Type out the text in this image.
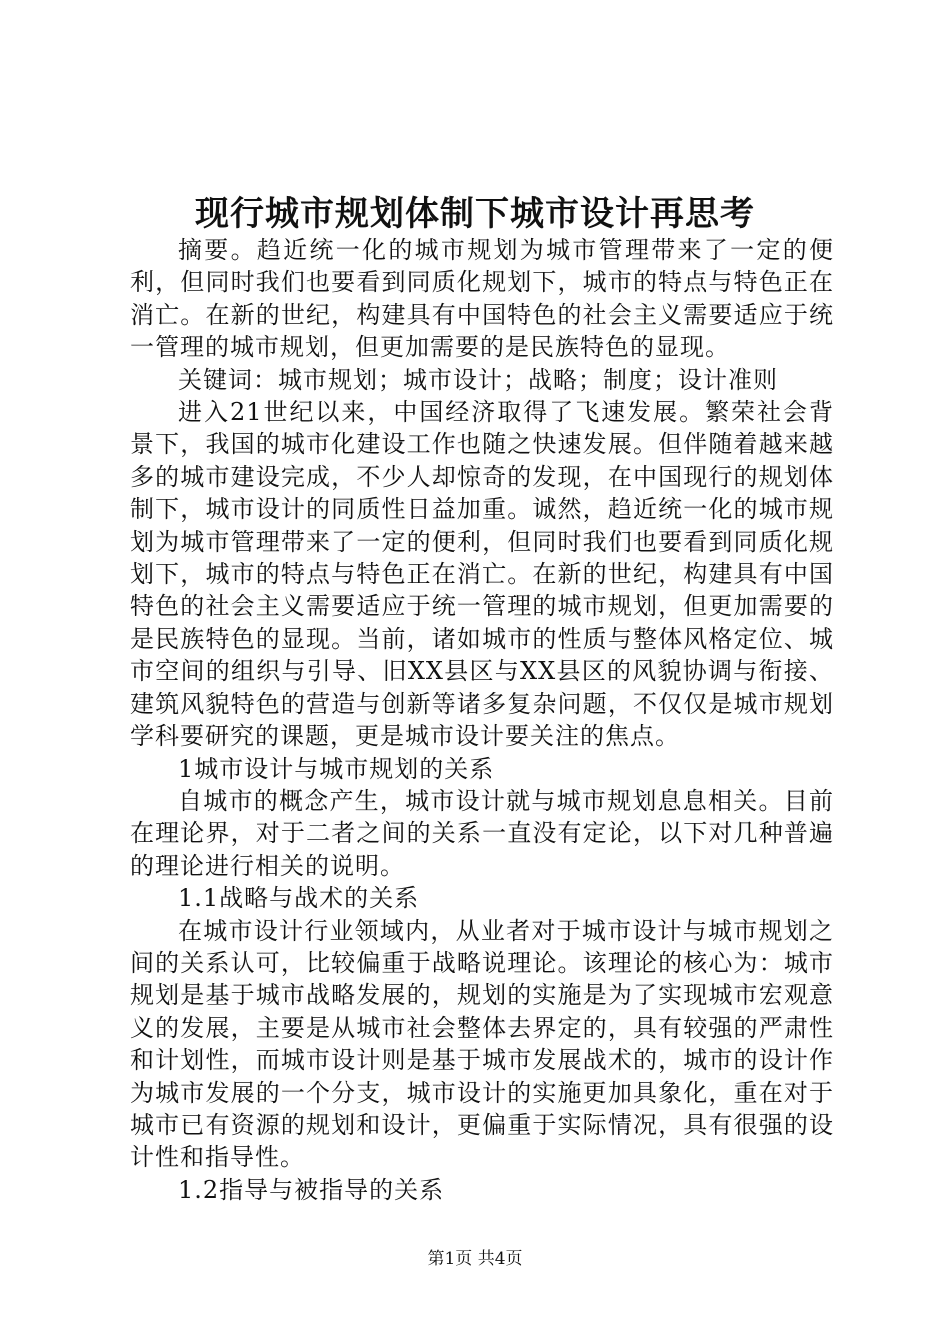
现行城市规划体制下城市设计再思考

摘要。趋近统一化的城市规划为城市管理带来了一定的便利，但同时我们也要看到同质化规划下，城市的特点与特色正在消亡。在新的世纪，构建具有中国特色的社会主义需要适应于统一管理的城市规划，但更加需要的是民族特色的显现。

关键词：城市规划；城市设计；战略；制度；设计准则

进入21世纪以来，中国经济取得了飞速发展。繁荣社会背景下，我国的城市化建设工作也随之快速发展。但伴随着越来越多的城市建设完成，不少人却惊奇的发现，在中国现行的规划体制下，城市设计的同质性日益加重。诚然，趋近统一化的城市规划为城市管理带来了一定的便利，但同时我们也要看到同质化规划下，城市的特点与特色正在消亡。在新的世纪，构建具有中国特色的社会主义需要适应于统一管理的城市规划，但更加需要的是民族特色的显现。当前，诸如城市的性质与整体风格定位、城市空间的组织与引导、旧XX县区与XX县区的风貌协调与衔接、建筑风貌特色的营造与创新等诸多复杂问题，不仅仅是城市规划学科要研究的课题，更是城市设计要关注的焦点。

1城市设计与城市规划的关系

自城市的概念产生，城市设计就与城市规划息息相关。目前在理论界，对于二者之间的关系一直没有定论，以下对几种普遍的理论进行相关的说明。

1.1战略与战术的关系

在城市设计行业领域内，从业者对于城市设计与城市规划之间的关系认可，比较偏重于战略说理论。该理论的核心为：城市规划是基于城市战略发展的，规划的实施是为了实现城市宏观意义的发展，主要是从城市社会整体去界定的，具有较强的严肃性和计划性，而城市设计则是基于城市发展战术的，城市的设计作为城市发展的一个分支，城市设计的实施更加具象化，重在对于城市已有资源的规划和设计，更偏重于实际情况，具有很强的设计性和指导性。

1.2指导与被指导的关系

第1页 共4页
